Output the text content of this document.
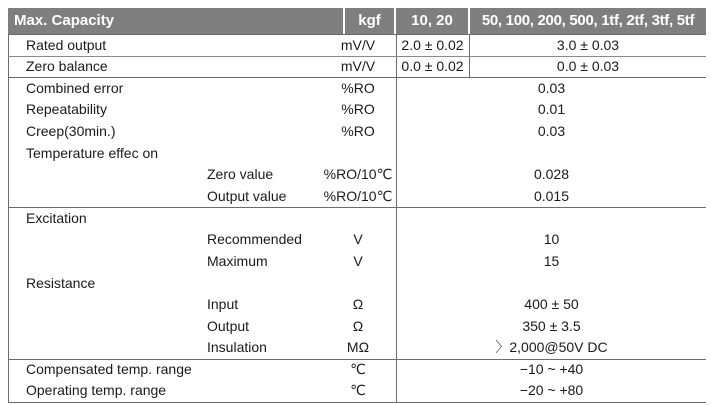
Max. Capacity	kgf	10, 20	50, 100, 200, 500, 1tf, 2tf, 3tf, 5tf
Rated output	mV/V	2.0 ± 0.02	3.0 ± 0.03
Zero balance	mV/V	0.0 ± 0.02	0.0 ± 0.03
Combined error	%RO	0.03
Repeatability	%RO	0.01
Creep(30min.)	%RO	0.03
Temperature effec on
Zero value	%RO/10℃	0.028
Output value	%RO/10℃	0.015
Excitation
Recommended	V	10
Maximum	V	15
Resistance
Input	Ω	400 ± 50
Output	Ω	350 ± 3.5
Insulation	MΩ	〉2,000@50V DC
Compensated temp. range	℃	−10 ~ +40
Operating temp. range	℃	−20 ~ +80
